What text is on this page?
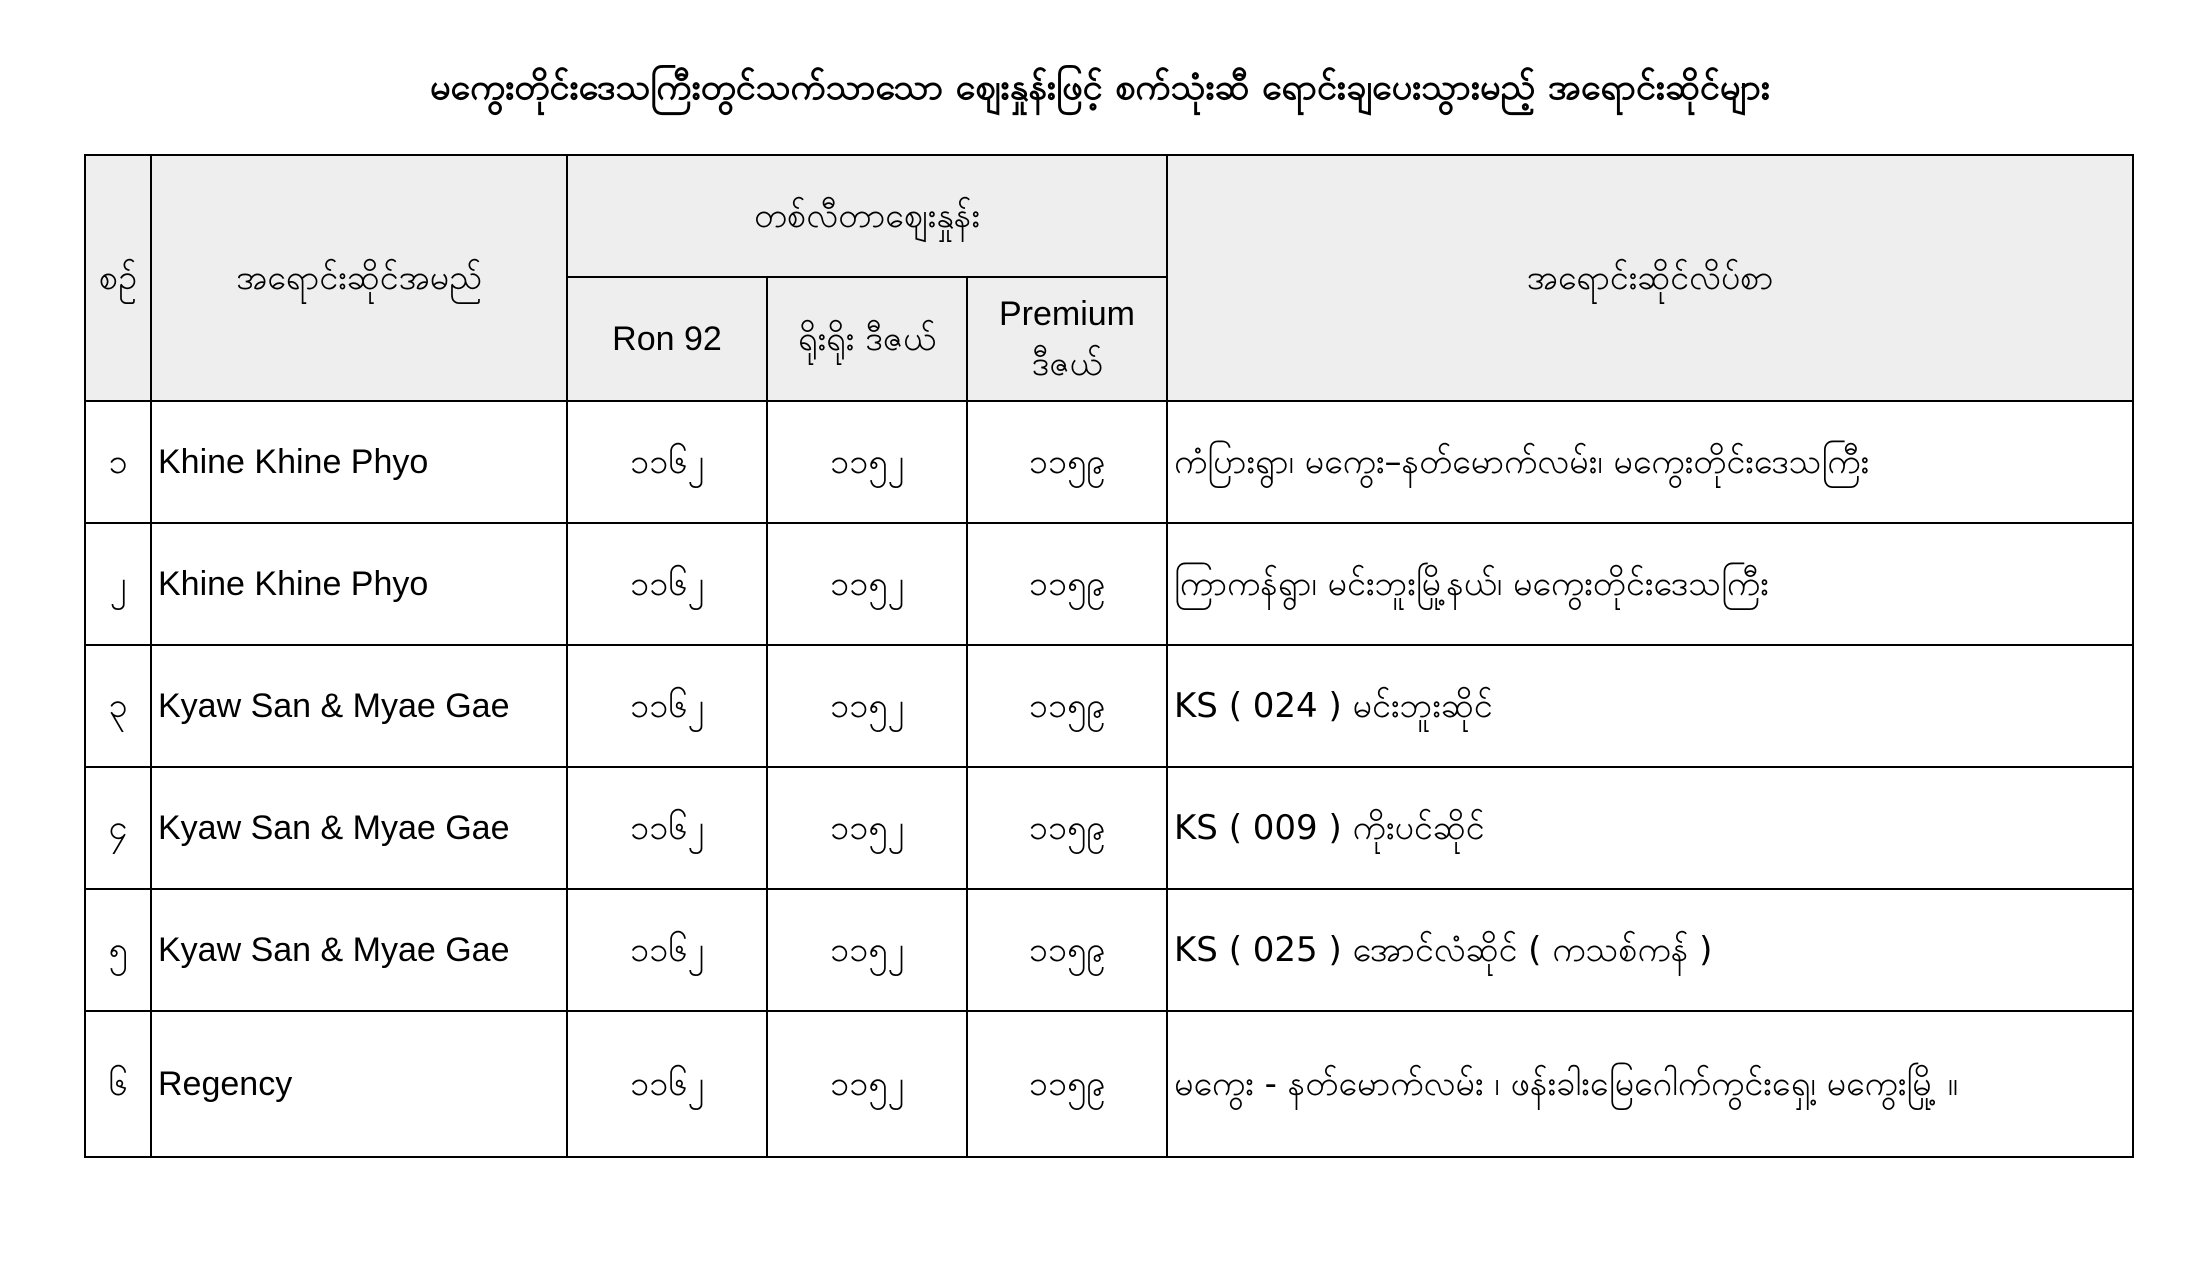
မကွေးတိုင်းဒေသကြီးတွင်သက်သာသော ဈေးနှုန်းဖြင့် စက်သုံးဆီ ရောင်းချပေးသွားမည့် အရောင်းဆိုင်များ
စဉ်	အရောင်းဆိုင်အမည်	တစ်လီတာဈေးနှုန်း			အရောင်းဆိုင်လိပ်စာ
		Ron 92	ရိုးရိုး ဒီဇယ်	Premium ဒီဇယ်	
၁	Khine Khine Phyo	၁၁၆၂	၁၁၅၂	၁၁၅၉	ကံပြားရွာ၊ မကွေး–နတ်မောက်လမ်း၊ မကွေးတိုင်းဒေသကြီး
၂	Khine Khine Phyo	၁၁၆၂	၁၁၅၂	၁၁၅၉	ကြာကန်ရွာ၊ မင်းဘူးမြို့နယ်၊ မကွေးတိုင်းဒေသကြီး
၃	Kyaw San & Myae Gae	၁၁၆၂	၁၁၅၂	၁၁၅၉	KS ( 024 ) မင်းဘူးဆိုင်
၄	Kyaw San & Myae Gae	၁၁၆၂	၁၁၅၂	၁၁၅၉	KS ( 009 ) ကိုးပင်ဆိုင်
၅	Kyaw San & Myae Gae	၁၁၆၂	၁၁၅၂	၁၁၅၉	KS ( 025 ) အောင်လံဆိုင် ( ကသစ်ကန် )
၆	Regency	၁၁၆၂	၁၁၅၂	၁၁၅၉	မကွေး - နတ်မောက်လမ်း ၊ ဖန်းခါးမြေဂေါက်ကွင်းရှေ့၊ မကွေးမြို့ ။
